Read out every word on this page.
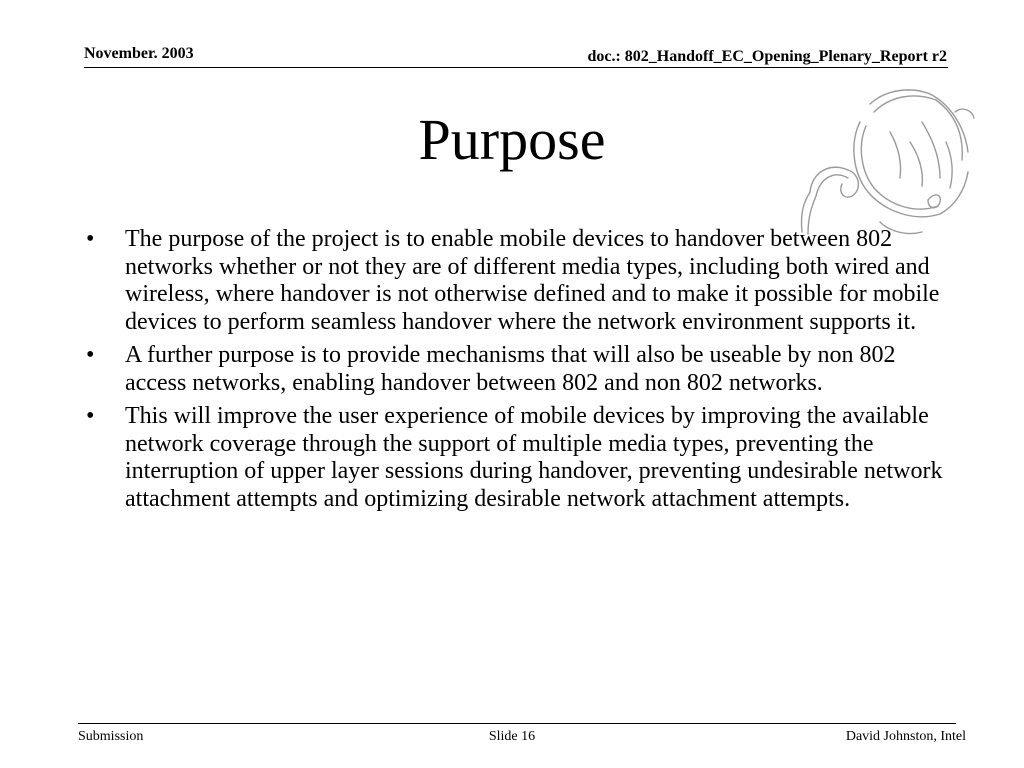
November. 2003	doc.: 802_Handoff_EC_Opening_Plenary_Report r2
Purpose
•	The purpose of the project is to enable mobile devices to handover between 802 networks whether or not they are of different media types, including both wired and wireless, where handover is not otherwise defined and to make it possible for mobile devices to perform seamless handover where the network environment supports it.
•	A further purpose is to provide mechanisms that will also be useable by non 802 access networks, enabling handover between 802 and non 802 networks.
•	This will improve the user experience of mobile devices by improving the available network coverage through the support of multiple media types, preventing the interruption of upper layer sessions during handover, preventing undesirable network attachment attempts and optimizing desirable network attachment attempts.
Submission	Slide 16	David Johnston, Intel
